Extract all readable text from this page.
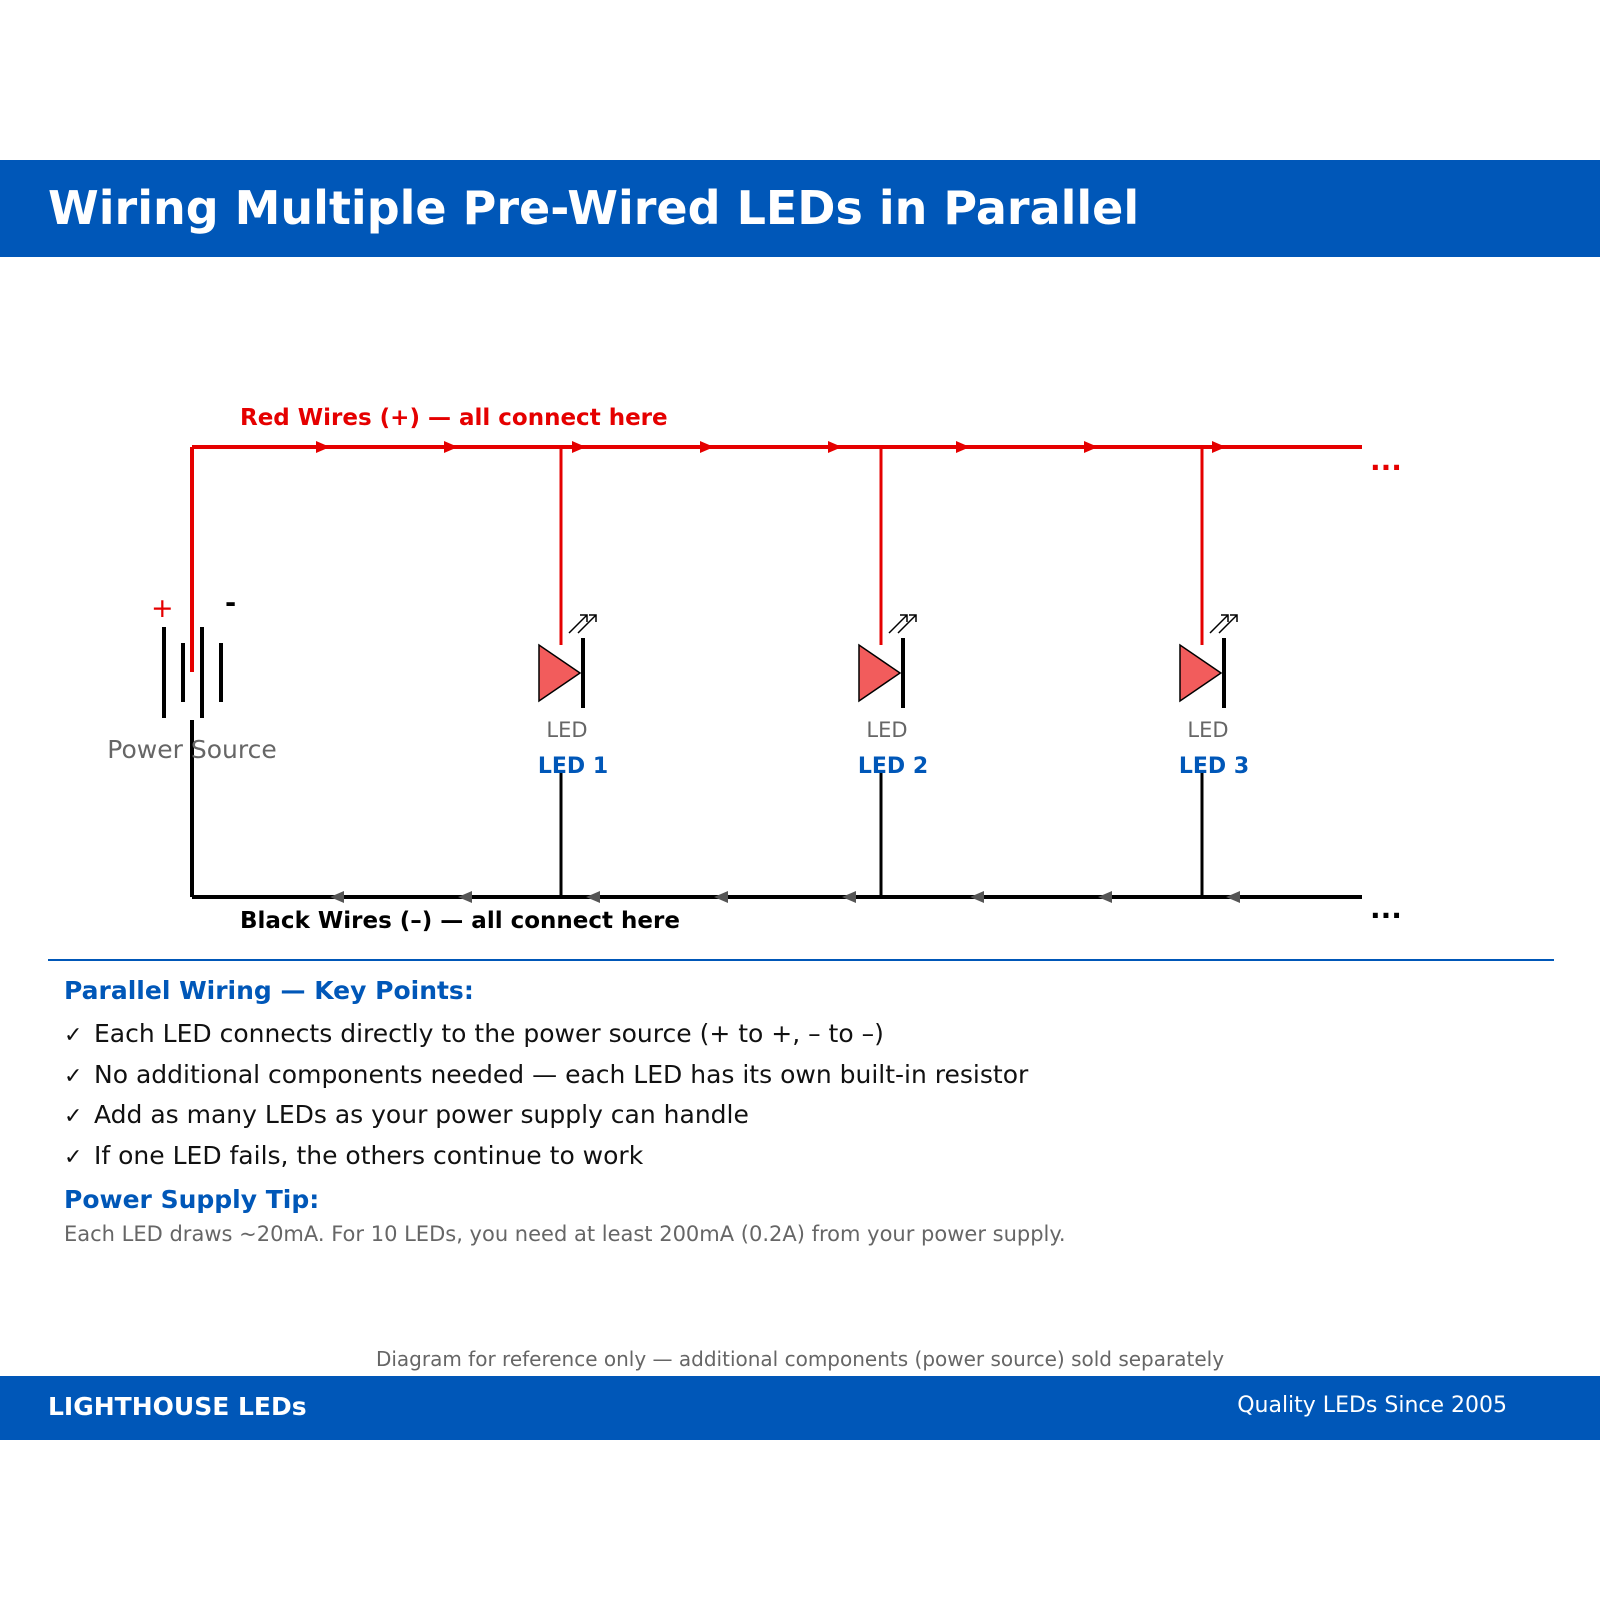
Wiring Multiple Pre-Wired LEDs in Parallel
Red Wires (+) — all connect here
...
...
Black Wires (–) — all connect here
+ -
Power Source
LED
LED 1
LED
LED 2
LED
LED 3
Parallel Wiring — Key Points:
✓ Each LED connects directly to the power source (+ to +, – to –)
✓ No additional components needed — each LED has its own built-in resistor
✓ Add as many LEDs as your power supply can handle
✓ If one LED fails, the others continue to work
Power Supply Tip:

Each LED draws ~20mA. For 10 LEDs, you need at least 200mA (0.2A) from your power supply.

Diagram for reference only — additional components (power source) sold separately

LIGHTHOUSE LEDs	Quality LEDs Since 2005
